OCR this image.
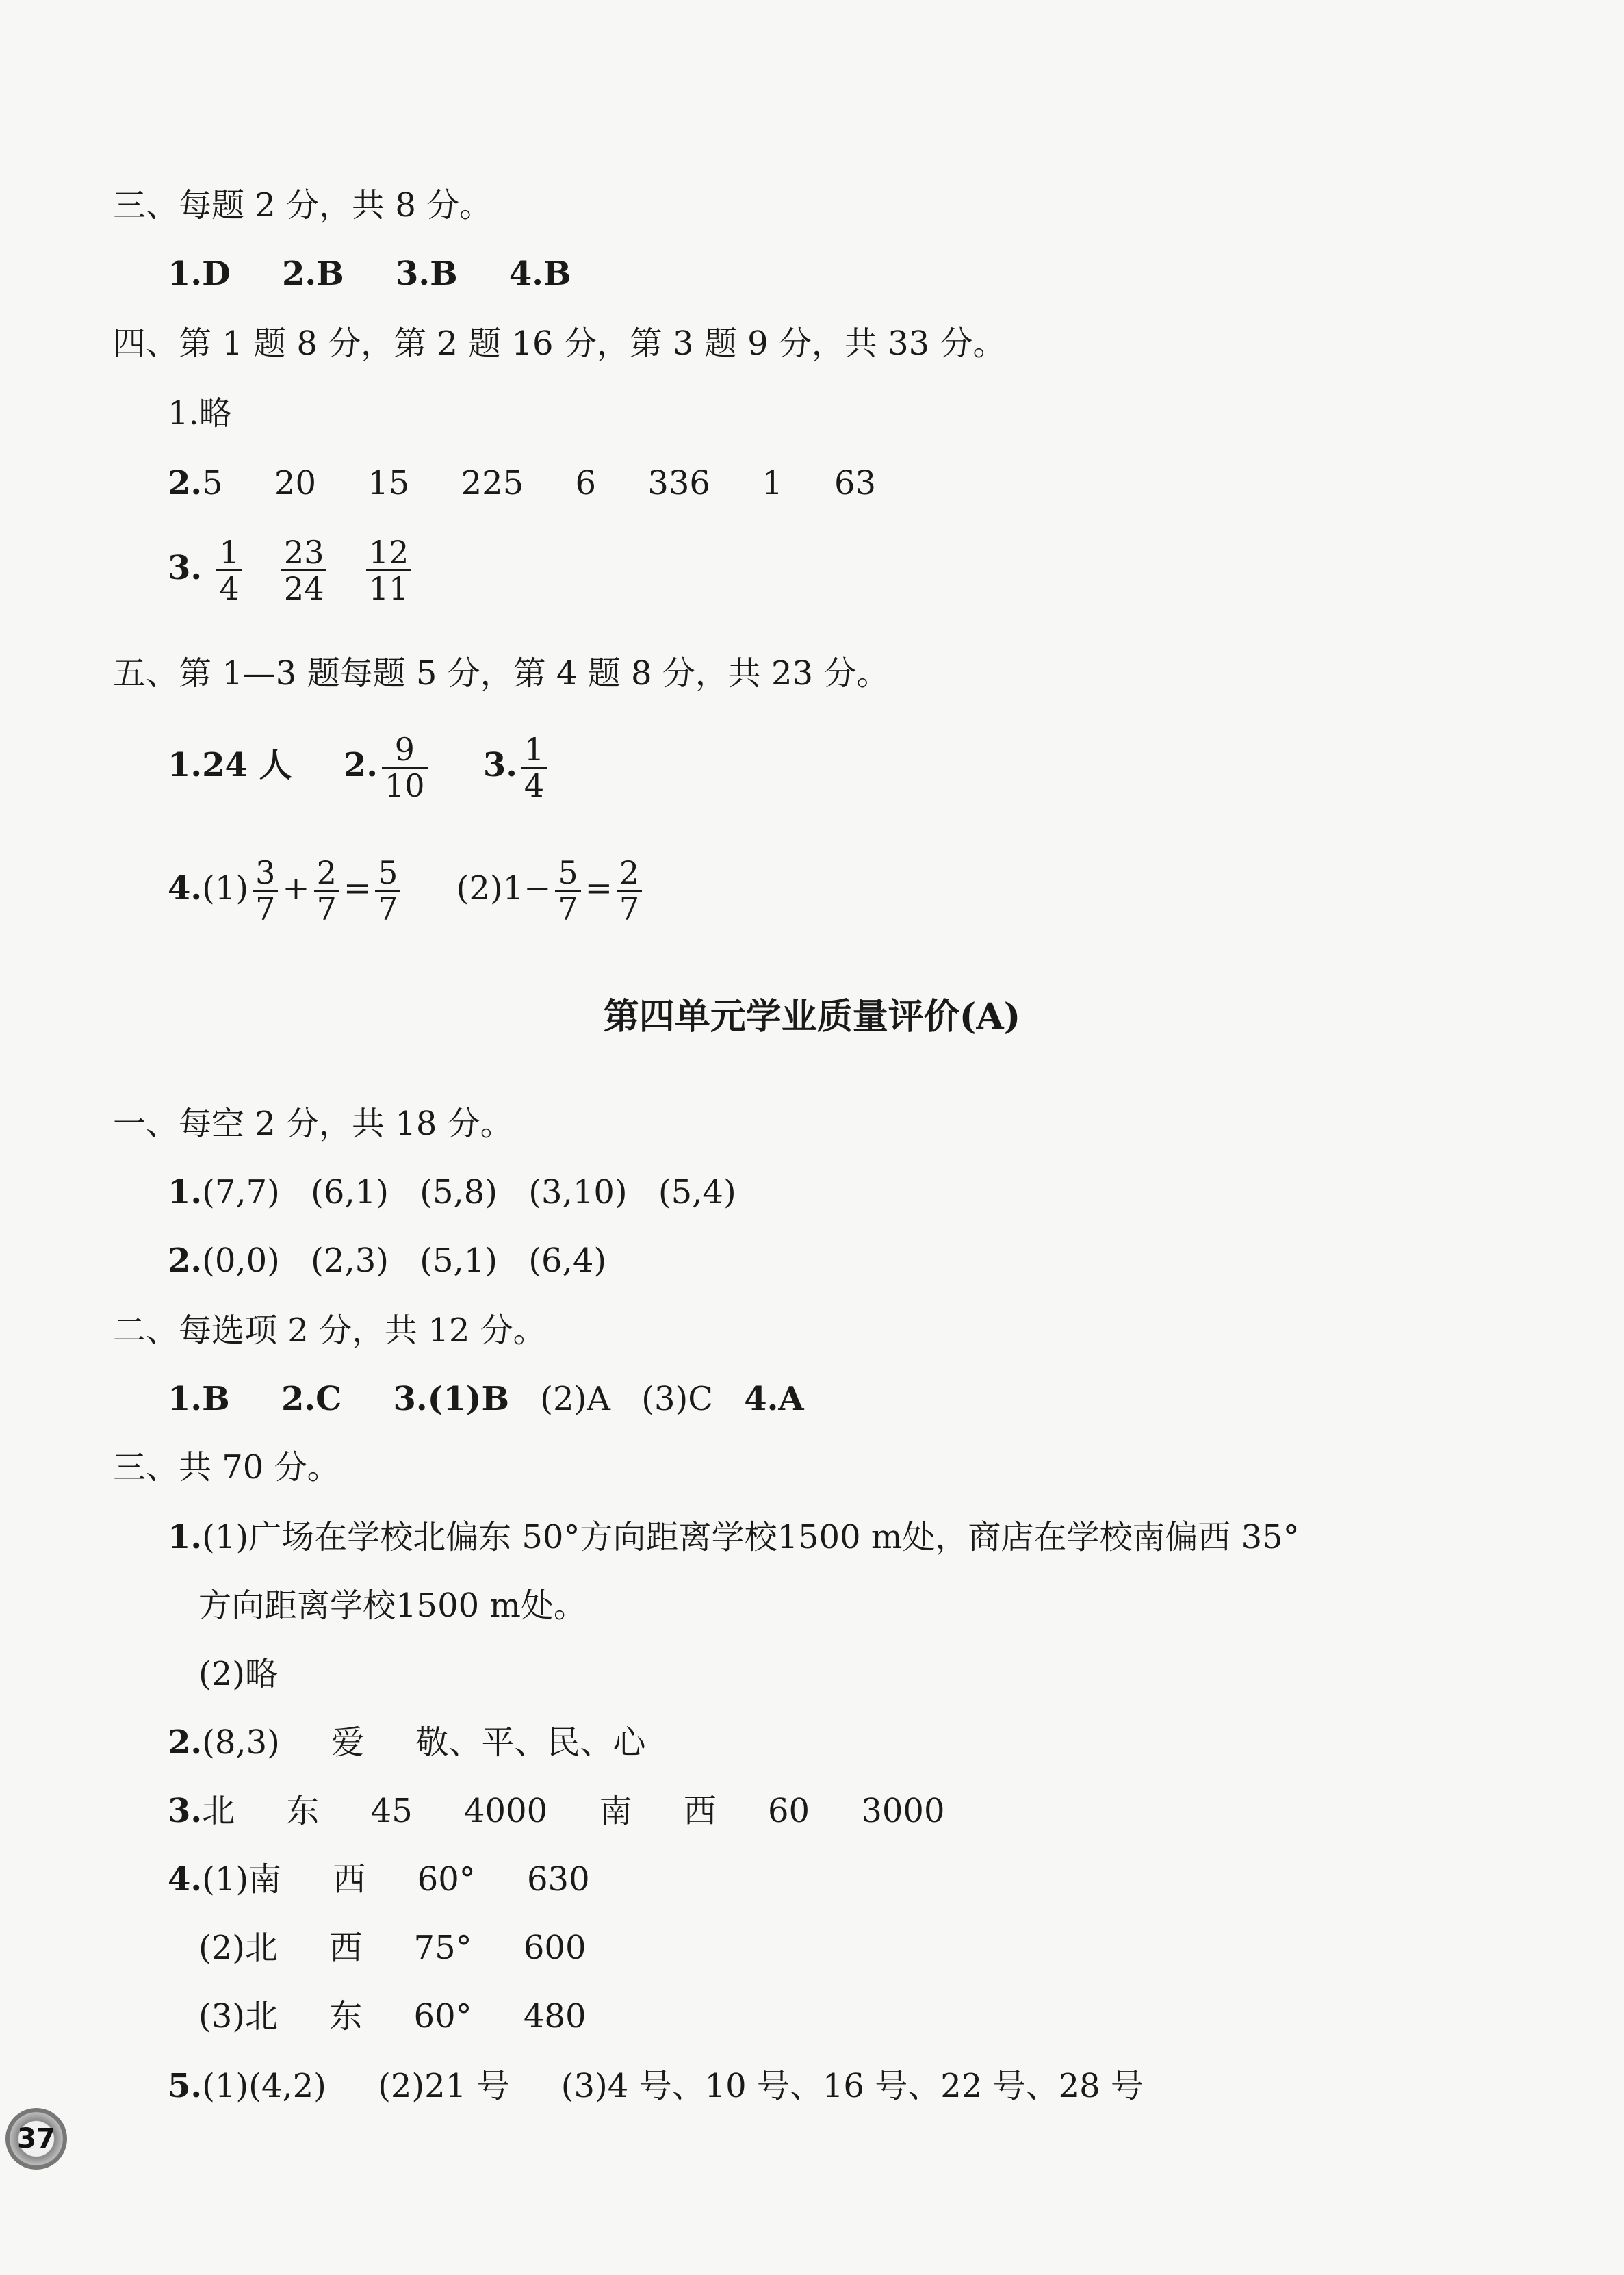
三、每题 2 分，共 8 分。
1.D 2.B 3.B 4.B
四、第 1 题 8 分，第 2 题 16 分，第 3 题 9 分，共 33 分。
1.略
2.5 20 15 225 6 336 1 63
3. $\frac{1}{4}$
$\frac{23}{24}$
$\frac{12}{11}$
五、第 1—3 题每题 5 分，第 4 题 8 分，共 23 分。
1.24 人 2. $\frac{9}{10} 3$. $\frac{1}{4}$
$4.(1) \frac{3}{7} + \frac{2}{7} = \frac{5}{7} (2)1- \frac{5}{7} = \frac{2}{7}$
第四单元学业质量评价(A)
一、每空 2 分，共 18 分。
1.(7,7) (6,1) (5,8) (3,10) (5,4)
2.(0,0) (2,3) (5,1) (6,4)
二、每选项 2 分，共 12 分。
1.B 2.C 3.(1)B (2)A (3)C 4.A
三、共 70 分。
1.(1)广场在学校北偏东 50°方向距离学校1500 m处，商店在学校南偏西 35°
方向距离学校1500 m处。
(2)略
2.(8,3) 爱 敬、平、民、心
3.北 东 45 4000 南 西 60 3000
4.(1)南 西 60° 630
(2)北 西 75° 600
(3)北 东 60° 480
5.(1)(4,2) (2)21 号 (3)4 号、10 号、16 号、22 号、28 号
37
